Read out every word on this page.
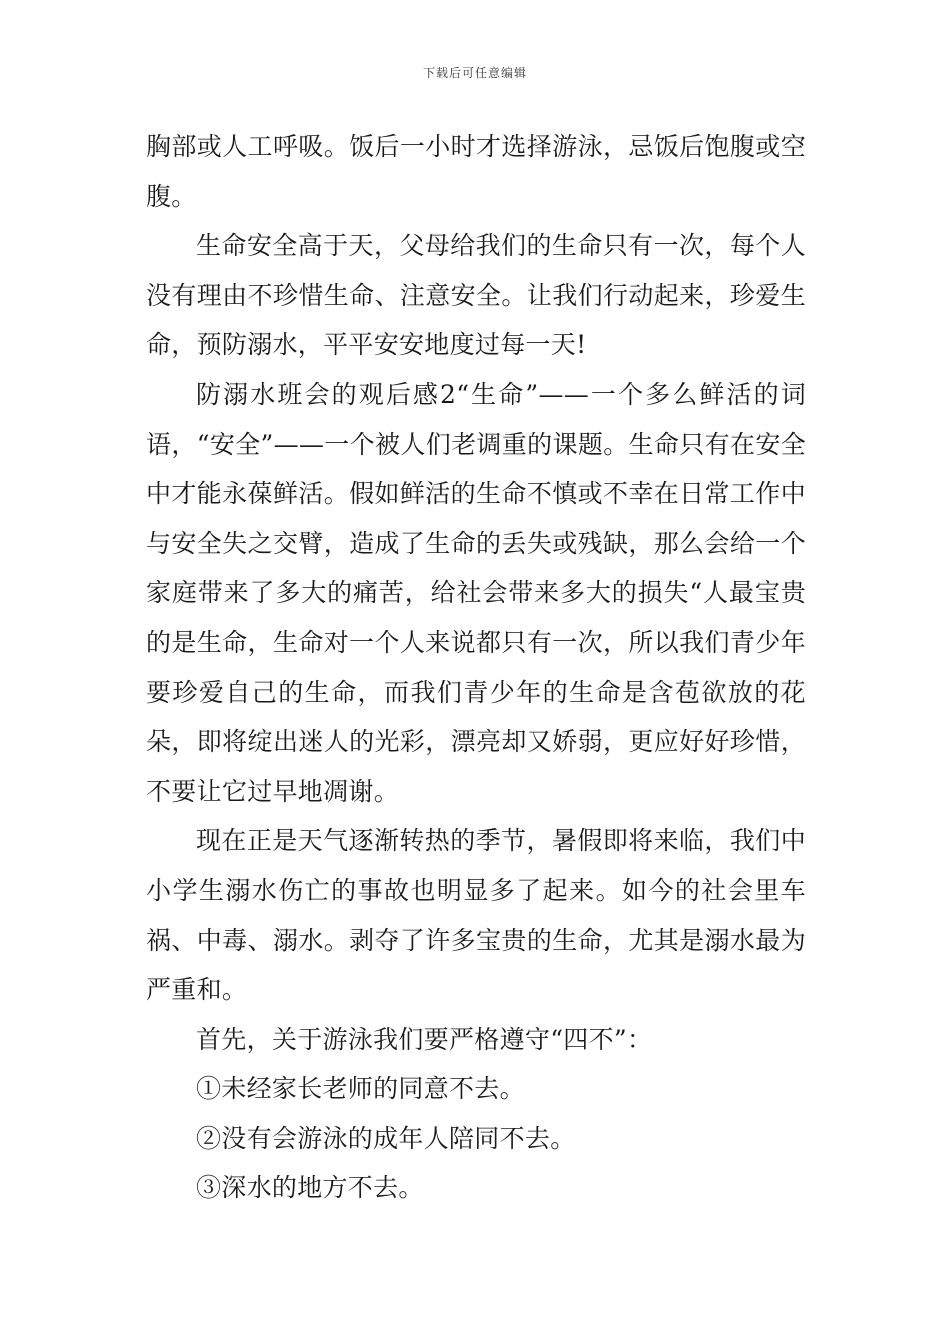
下载后可任意编辑

胸部或人工呼吸。饭后一小时才选择游泳，忌饭后饱腹或空腹。

生命安全高于天，父母给我们的生命只有一次，每个人没有理由不珍惜生命、注意安全。让我们行动起来，珍爱生命，预防溺水，平平安安地度过每一天!

防溺水班会的观后感2“生命”——一个多么鲜活的词语，“安全”——一个被人们老调重的课题。生命只有在安全中才能永葆鲜活。假如鲜活的生命不慎或不幸在日常工作中与安全失之交臂，造成了生命的丢失或残缺，那么会给一个家庭带来了多大的痛苦，给社会带来多大的损失“人最宝贵的是生命，生命对一个人来说都只有一次，所以我们青少年要珍爱自己的生命，而我们青少年的生命是含苞欲放的花朵，即将绽出迷人的光彩，漂亮却又娇弱，更应好好珍惜，不要让它过早地凋谢。

现在正是天气逐渐转热的季节，暑假即将来临，我们中小学生溺水伤亡的事故也明显多了起来。如今的社会里车祸、中毒、溺水。剥夺了许多宝贵的生命，尤其是溺水最为严重和。

首先，关于游泳我们要严格遵守“四不”：

①未经家长老师的同意不去。

②没有会游泳的成年人陪同不去。

③深水的地方不去。
